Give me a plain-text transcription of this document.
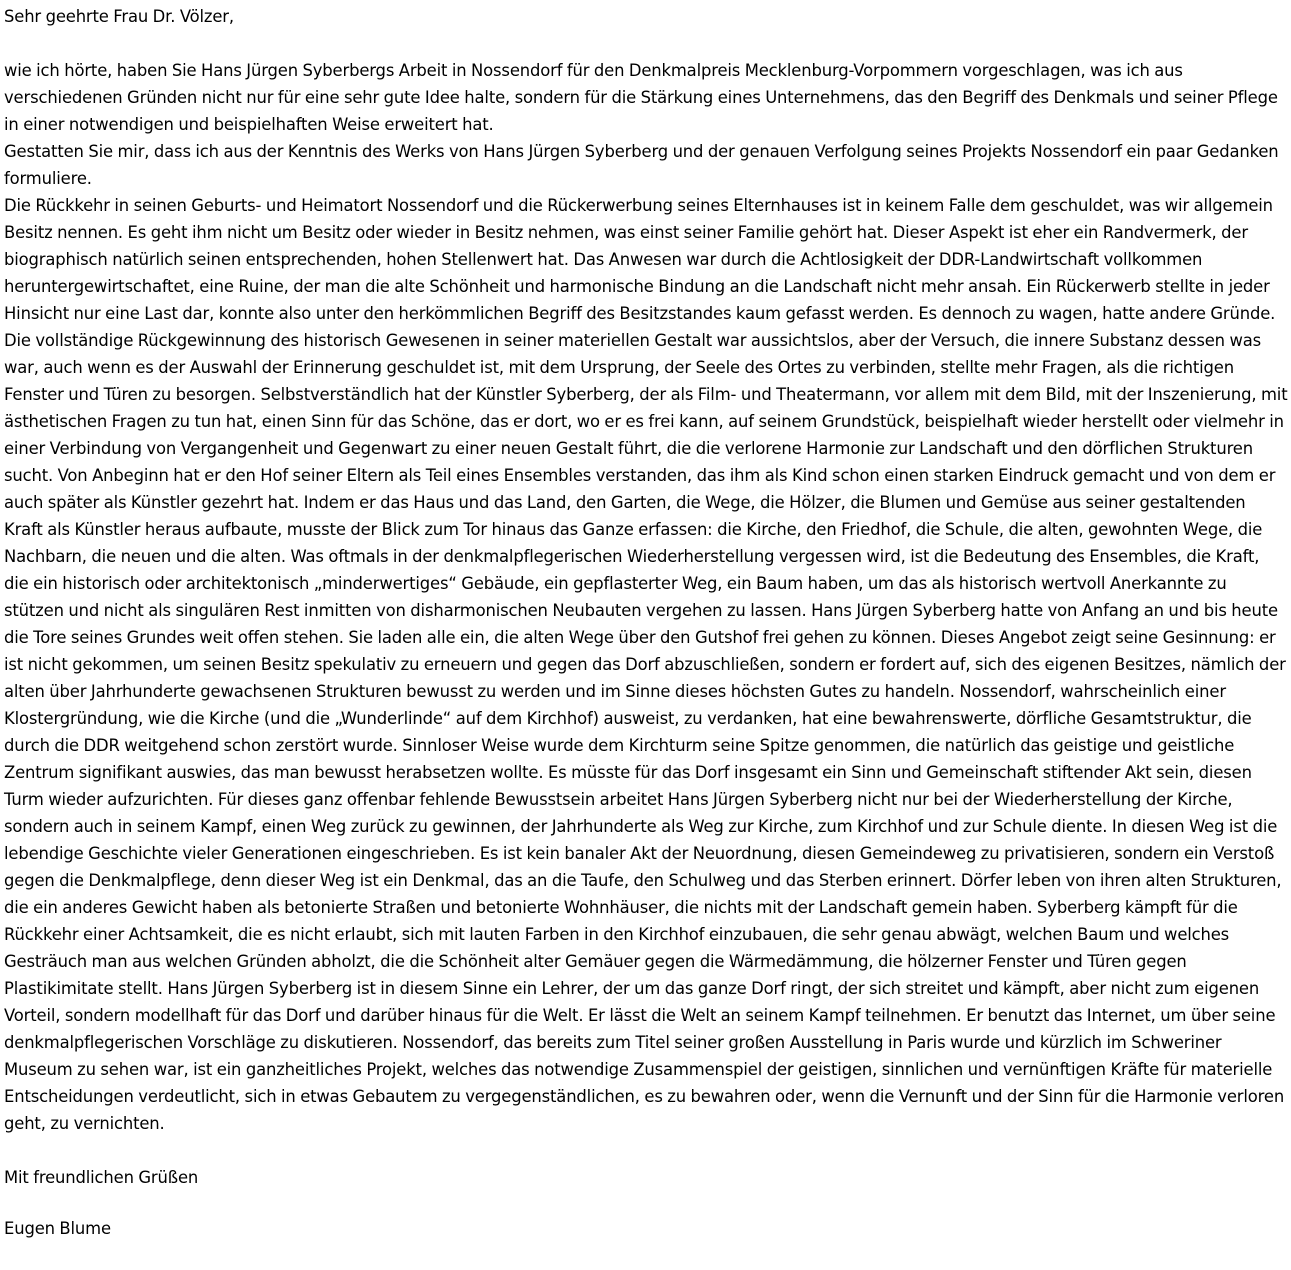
Sehr geehrte Frau Dr. Völzer,

wie ich hörte, haben Sie Hans Jürgen Syberbergs Arbeit in Nossendorf für den Denkmalpreis Mecklenburg-Vorpommern vorgeschlagen, was ich aus verschiedenen Gründen nicht nur für eine sehr gute Idee halte, sondern für die Stärkung eines Unternehmens, das den Begriff des Denkmals und seiner Pflege in einer notwendigen und beispielhaften Weise erweitert hat.

Gestatten Sie mir, dass ich aus der Kenntnis des Werks von Hans Jürgen Syberberg und der genauen Verfolgung seines Projekts Nossendorf ein paar Gedanken formuliere.

Die Rückkehr in seinen Geburts- und Heimatort Nossendorf und die Rückerwerbung seines Elternhauses ist in keinem Falle dem geschuldet, was wir allgemein Besitz nennen. Es geht ihm nicht um Besitz oder wieder in Besitz nehmen, was einst seiner Familie gehört hat. Dieser Aspekt ist eher ein Randvermerk, der biographisch natürlich seinen entsprechenden, hohen Stellenwert hat. Das Anwesen war durch die Achtlosigkeit der DDR-Landwirtschaft vollkommen heruntergewirtschaftet, eine Ruine, der man die alte Schönheit und harmonische Bindung an die Landschaft nicht mehr ansah. Ein Rückerwerb stellte in jeder Hinsicht nur eine Last dar, konnte also unter den herkömmlichen Begriff des Besitzstandes kaum gefasst werden. Es dennoch zu wagen, hatte andere Gründe. Die vollständige Rückgewinnung des historisch Gewesenen in seiner materiellen Gestalt war aussichtslos, aber der Versuch, die innere Substanz dessen was war, auch wenn es der Auswahl der Erinnerung geschuldet ist, mit dem Ursprung, der Seele des Ortes zu verbinden, stellte mehr Fragen, als die richtigen Fenster und Türen zu besorgen. Selbstverständlich hat der Künstler Syberberg, der als Film- und Theatermann, vor allem mit dem Bild, mit der Inszenierung, mit ästhetischen Fragen zu tun hat, einen Sinn für das Schöne, das er dort, wo er es frei kann, auf seinem Grundstück, beispielhaft wieder herstellt oder vielmehr in einer Verbindung von Vergangenheit und Gegenwart zu einer neuen Gestalt führt, die die verlorene Harmonie zur Landschaft und den dörflichen Strukturen sucht. Von Anbeginn hat er den Hof seiner Eltern als Teil eines Ensembles verstanden, das ihm als Kind schon einen starken Eindruck gemacht und von dem er auch später als Künstler gezehrt hat. Indem er das Haus und das Land, den Garten, die Wege, die Hölzer, die Blumen und Gemüse aus seiner gestaltenden Kraft als Künstler heraus aufbaute, musste der Blick zum Tor hinaus das Ganze erfassen: die Kirche, den Friedhof, die Schule, die alten, gewohnten Wege, die Nachbarn, die neuen und die alten. Was oftmals in der denkmalpflegerischen Wiederherstellung vergessen wird, ist die Bedeutung des Ensembles, die Kraft, die ein historisch oder architektonisch „minderwertiges“ Gebäude, ein gepflasterter Weg, ein Baum haben, um das als historisch wertvoll Anerkannte zu stützen und nicht als singulären Rest inmitten von disharmonischen Neubauten vergehen zu lassen. Hans Jürgen Syberberg hatte von Anfang an und bis heute die Tore seines Grundes weit offen stehen. Sie laden alle ein, die alten Wege über den Gutshof frei gehen zu können. Dieses Angebot zeigt seine Gesinnung: er ist nicht gekommen, um seinen Besitz spekulativ zu erneuern und gegen das Dorf abzuschließen, sondern er fordert auf, sich des eigenen Besitzes, nämlich der alten über Jahrhunderte gewachsenen Strukturen bewusst zu werden und im Sinne dieses höchsten Gutes zu handeln. Nossendorf, wahrscheinlich einer Klostergründung, wie die Kirche (und die „Wunderlinde“ auf dem Kirchhof) ausweist, zu verdanken, hat eine bewahrenswerte, dörfliche Gesamtstruktur, die durch die DDR weitgehend schon zerstört wurde. Sinnloser Weise wurde dem Kirchturm seine Spitze genommen, die natürlich das geistige und geistliche Zentrum signifikant auswies, das man bewusst herabsetzen wollte. Es müsste für das Dorf insgesamt ein Sinn und Gemeinschaft stiftender Akt sein, diesen Turm wieder aufzurichten. Für dieses ganz offenbar fehlende Bewusstsein arbeitet Hans Jürgen Syberberg nicht nur bei der Wiederherstellung der Kirche, sondern auch in seinem Kampf, einen Weg zurück zu gewinnen, der Jahrhunderte als Weg zur Kirche, zum Kirchhof und zur Schule diente. In diesen Weg ist die lebendige Geschichte vieler Generationen eingeschrieben. Es ist kein banaler Akt der Neuordnung, diesen Gemeindeweg zu privatisieren, sondern ein Verstoß gegen die Denkmalpflege, denn dieser Weg ist ein Denkmal, das an die Taufe, den Schulweg und das Sterben erinnert. Dörfer leben von ihren alten Strukturen, die ein anderes Gewicht haben als betonierte Straßen und betonierte Wohnhäuser, die nichts mit der Landschaft gemein haben. Syberberg kämpft für die Rückkehr einer Achtsamkeit, die es nicht erlaubt, sich mit lauten Farben in den Kirchhof einzubauen, die sehr genau abwägt, welchen Baum und welches Gesträuch man aus welchen Gründen abholzt, die die Schönheit alter Gemäuer gegen die Wärmedämmung, die hölzerner Fenster und Türen gegen Plastikimitate stellt. Hans Jürgen Syberberg ist in diesem Sinne ein Lehrer, der um das ganze Dorf ringt, der sich streitet und kämpft, aber nicht zum eigenen Vorteil, sondern modellhaft für das Dorf und darüber hinaus für die Welt. Er lässt die Welt an seinem Kampf teilnehmen. Er benutzt das Internet, um über seine denkmalpflegerischen Vorschläge zu diskutieren. Nossendorf, das bereits zum Titel seiner großen Ausstellung in Paris wurde und kürzlich im Schweriner Museum zu sehen war, ist ein ganzheitliches Projekt, welches das notwendige Zusammenspiel der geistigen, sinnlichen und vernünftigen Kräfte für materielle Entscheidungen verdeutlicht, sich in etwas Gebautem zu vergegenständlichen, es zu bewahren oder, wenn die Vernunft und der Sinn für die Harmonie verloren geht, zu vernichten.

Mit freundlichen Grüßen

Eugen Blume
